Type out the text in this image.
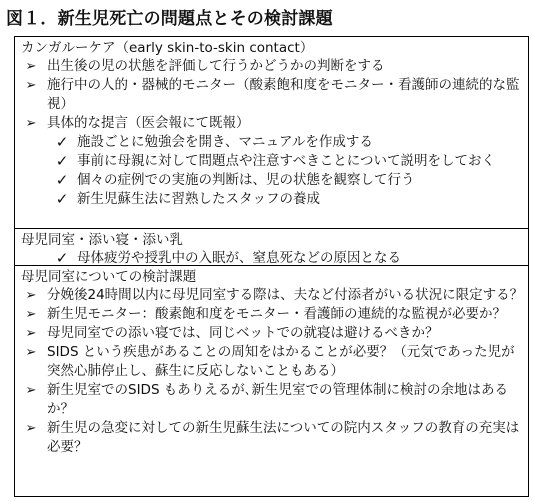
図１．新生児死亡の問題点とその検討課題
カンガルーケア（early skin-to-skin contact）
➢ 出生後の児の状態を評価して行うかどうかの判断をする
➢ 施行中の人的・器械的モニター（酸素飽和度をモニター・看護師の連続的な監視）
➢ 具体的な提言（医会報にて既報）
✓ 施設ごとに勉強会を開き、マニュアルを作成する
✓ 事前に母親に対して問題点や注意すべきことについて説明をしておく
✓ 個々の症例での実施の判断は、児の状態を観察して行う
✓ 新生児蘇生法に習熟したスタッフの養成
母児同室・添い寝・添い乳
✓ 母体疲労や授乳中の入眠が、窒息死などの原因となる
母児同室についての検討課題
➢ 分娩後24時間以内に母児同室する際は、夫など付添者がいる状況に限定する？
➢ 新生児モニター：酸素飽和度をモニター・看護師の連続的な監視が必要か？
➢ 母児同室での添い寝では、同じベットでの就寝は避けるべきか？
➢ SIDS という疾患があることの周知をはかることが必要？（元気であった児が突然心肺停止し、蘇生に反応しないこともある）
➢ 新生児室でのSIDS もありえるが､新生児室での管理体制に検討の余地はあるか？
➢ 新生児の急変に対しての新生児蘇生法についての院内スタッフの教育の充実は必要？
